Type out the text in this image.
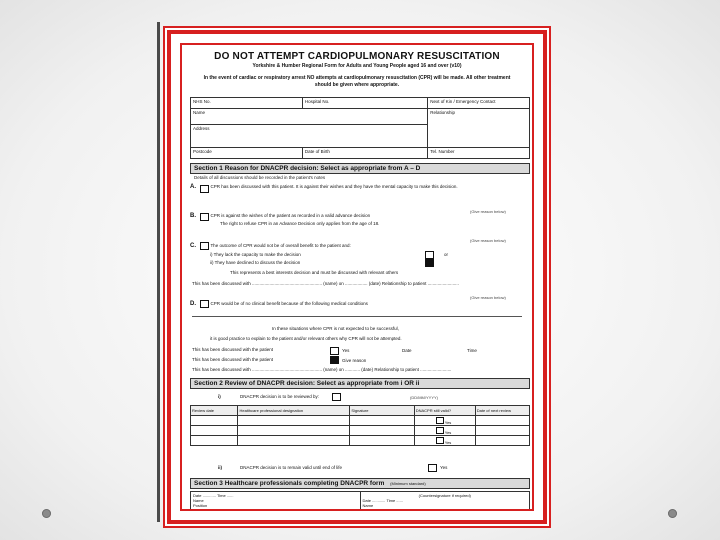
DO NOT ATTEMPT CARDIOPULMONARY RESUSCITATION
Yorkshire & Humber Regional Form for Adults and Young People aged 16 and over (v10)
In the event of cardiac or respiratory arrest NO attempts at cardiopulmonary resuscitation (CPR) will be made. All other treatment should be given where appropriate.
NHS No.	Hospital No.	Next of Kin / Emergency Contact
Name		Relationship
Address		
Postcode	Date of Birth	Tel. Number
Section 1 Reason for DNACPR decision: Select as appropriate from A – D
Details of all discussions should be recorded in the patient's notes
A.	CPR has been discussed with this patient. It is against their wishes and they have the mental capacity to make this decision.
B.	CPR is against the wishes of the patient as recorded in a valid advance decision
The right to refuse CPR in an Advance Decision only applies from the age of 18.
(Give reason below)
C.	The outcome of CPR would not be of overall benefit to the patient and:
(Give reason below)
i) They lack the capacity to make the decision	or
ii) They have declined to discuss the decision
This represents a best interests decision and must be discussed with relevant others
This has been discussed with ........................................................ (name) on .................. (date) Relationship to patient .........................
D.	CPR would be of no clinical benefit because of the following medical conditions
(Give reason below)
In these situations where CPR is not expected to be successful,
it is good practice to explain to the patient and/or relevant others why CPR will not be attempted.
This has been discussed with the patient	Yes	Date	Time
This has been discussed with the patient	Give reason
This has been discussed with ........................................................ (name) on ............ (date) Relationship to patient .........................
Section 2 Review of DNACPR decision: Select as appropriate from i OR ii
i)	DNACPR decision is to be reviewed by:	(DD/MM/YYYY)
Review date	Healthcare professional designation	Signature	DNACPR still valid?	Date of next review
			Yes	
			Yes	
			Yes	
ii)	DNACPR decision is to remain valid until end of life	Yes
Section 3 Healthcare professionals completing DNACPR form (Minimum standard)
Date ............ Time ......
Name
Position

(Countersignature if required)
Date ............ Time ......
Name
